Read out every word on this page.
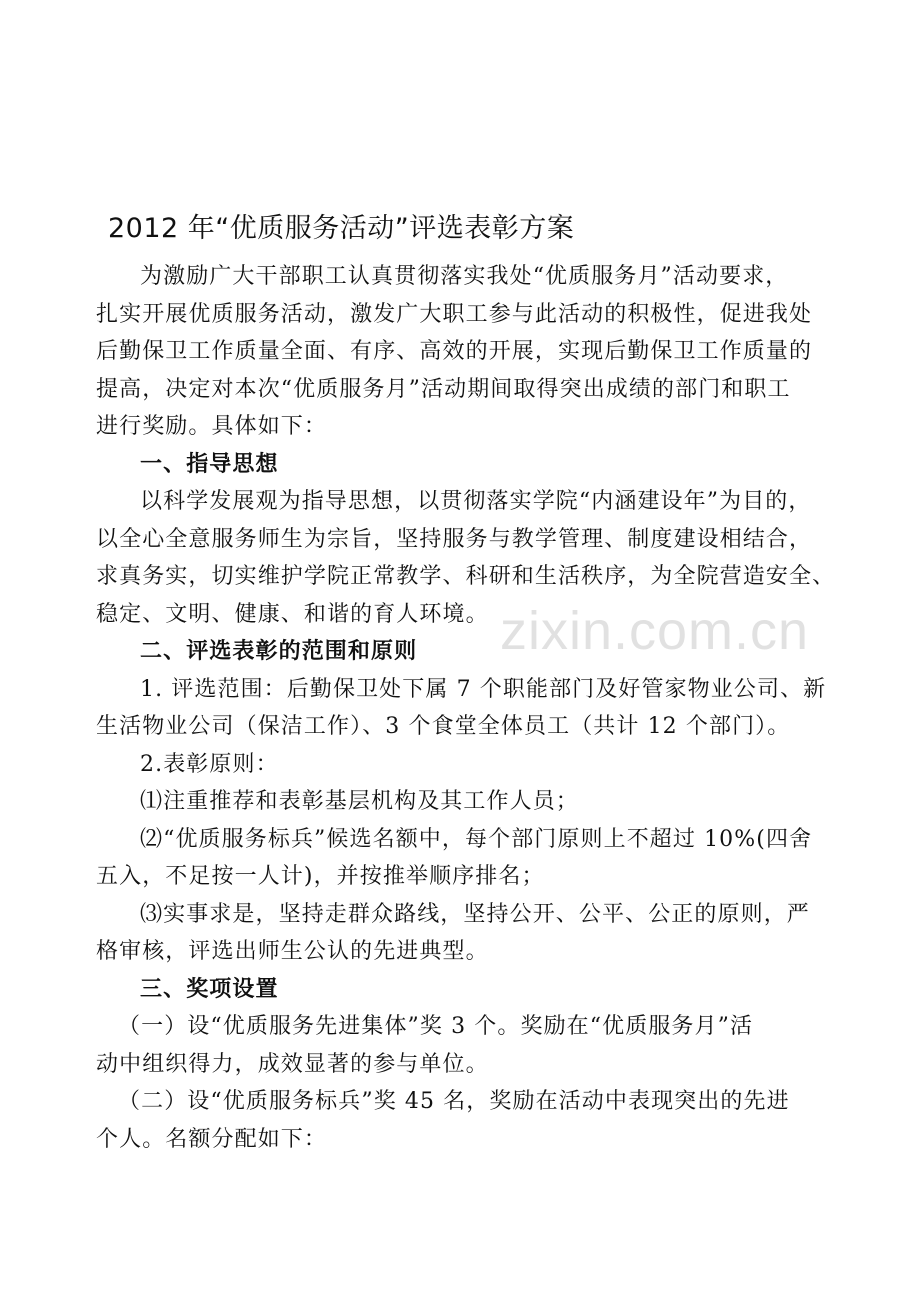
2012 年“优质服务活动”评选表彰方案
为激励广大干部职工认真贯彻落实我处“优质服务月”活动要求，
扎实开展优质服务活动，激发广大职工参与此活动的积极性，促进我处
后勤保卫工作质量全面、有序、高效的开展，实现后勤保卫工作质量的
提高，决定对本次“优质服务月”活动期间取得突出成绩的部门和职工
进行奖励。具体如下：
一、指导思想
以科学发展观为指导思想，以贯彻落实学院“内涵建设年”为目的，
以全心全意服务师生为宗旨，坚持服务与教学管理、制度建设相结合，
求真务实，切实维护学院正常教学、科研和生活秩序，为全院营造安全、
稳定、文明、健康、和谐的育人环境。
二、评选表彰的范围和原则
1. 评选范围：后勤保卫处下属 7 个职能部门及好管家物业公司、新
生活物业公司（保洁工作）、3 个食堂全体员工（共计 12 个部门）。
2.表彰原则：
⑴注重推荐和表彰基层机构及其工作人员；
⑵“优质服务标兵”候选名额中，每个部门原则上不超过 10%(四舍
五入，不足按一人计)，并按推举顺序排名；
⑶实事求是，坚持走群众路线，坚持公开、公平、公正的原则，严
格审核，评选出师生公认的先进典型。
三、奖项设置
（一）设“优质服务先进集体”奖 3 个。奖励在“优质服务月”活
动中组织得力，成效显著的参与单位。
（二）设“优质服务标兵”奖 45 名，奖励在活动中表现突出的先进
个人。名额分配如下：
zixin.com.cn
